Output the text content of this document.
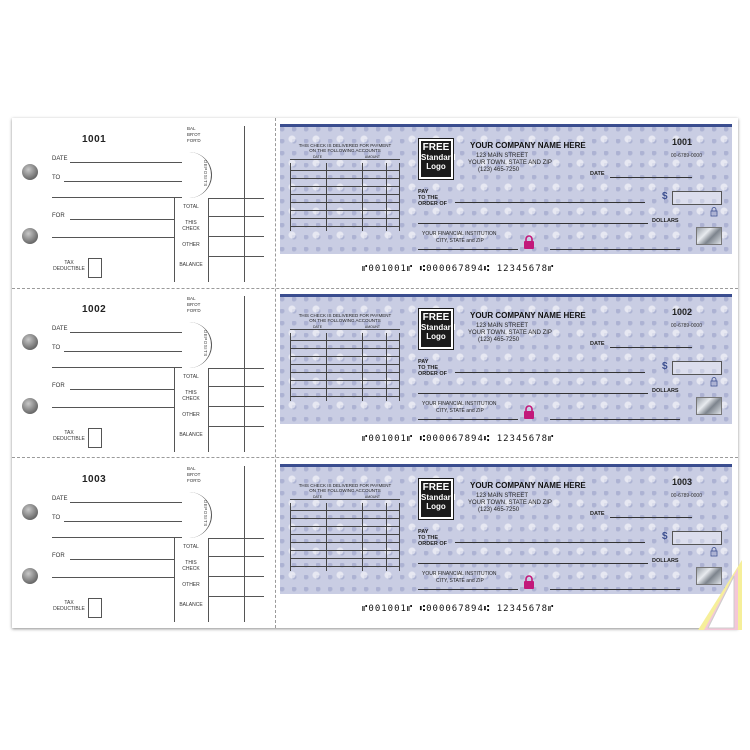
1001
BAL
BR'OT
FOR'D
DEPOSITS
DATE
TO
FOR
TOTAL
THIS
CHECK
OTHER
BALANCE
TAX
DEDUCTIBLE
THIS CHECK IS DELIVERED FOR PAYMENT
ON THE FOLLOWING ACCOUNTS
DATE	AMOUNT
FREE
Standard
Logo
YOUR COMPANY NAME HERE
123 MAIN STREET
YOUR TOWN, STATE AND ZIP
(123) 465-7250
1001
00-6789-0000
DATE
PAY
TO THE
ORDER OF
$
DOLLARS
YOUR FINANCIAL INSTITUTION
CITY, STATE and ZIP
⑈001001⑈ ⑆000067894⑆ 12345678⑈
1002
BAL
BR'OT
FOR'D
DEPOSITS
DATE
TO
FOR
TOTAL
THIS
CHECK
OTHER
BALANCE
TAX
DEDUCTIBLE
THIS CHECK IS DELIVERED FOR PAYMENT
ON THE FOLLOWING ACCOUNTS
DATE	AMOUNT
FREE
Standard
Logo
YOUR COMPANY NAME HERE
123 MAIN STREET
YOUR TOWN, STATE AND ZIP
(123) 465-7250
1002
00-6789-0000
DATE
PAY
TO THE
ORDER OF
$
DOLLARS
YOUR FINANCIAL INSTITUTION
CITY, STATE and ZIP
⑈001001⑈ ⑆000067894⑆ 12345678⑈
1003
BAL
BR'OT
FOR'D
DEPOSITS
DATE
TO
FOR
TOTAL
THIS
CHECK
OTHER
BALANCE
TAX
DEDUCTIBLE
THIS CHECK IS DELIVERED FOR PAYMENT
ON THE FOLLOWING ACCOUNTS
DATE	AMOUNT
FREE
Standard
Logo
YOUR COMPANY NAME HERE
123 MAIN STREET
YOUR TOWN, STATE AND ZIP
(123) 465-7250
1003
00-6789-0000
DATE
PAY
TO THE
ORDER OF
$
DOLLARS
YOUR FINANCIAL INSTITUTION
CITY, STATE and ZIP
⑈001001⑈ ⑆000067894⑆ 12345678⑈
